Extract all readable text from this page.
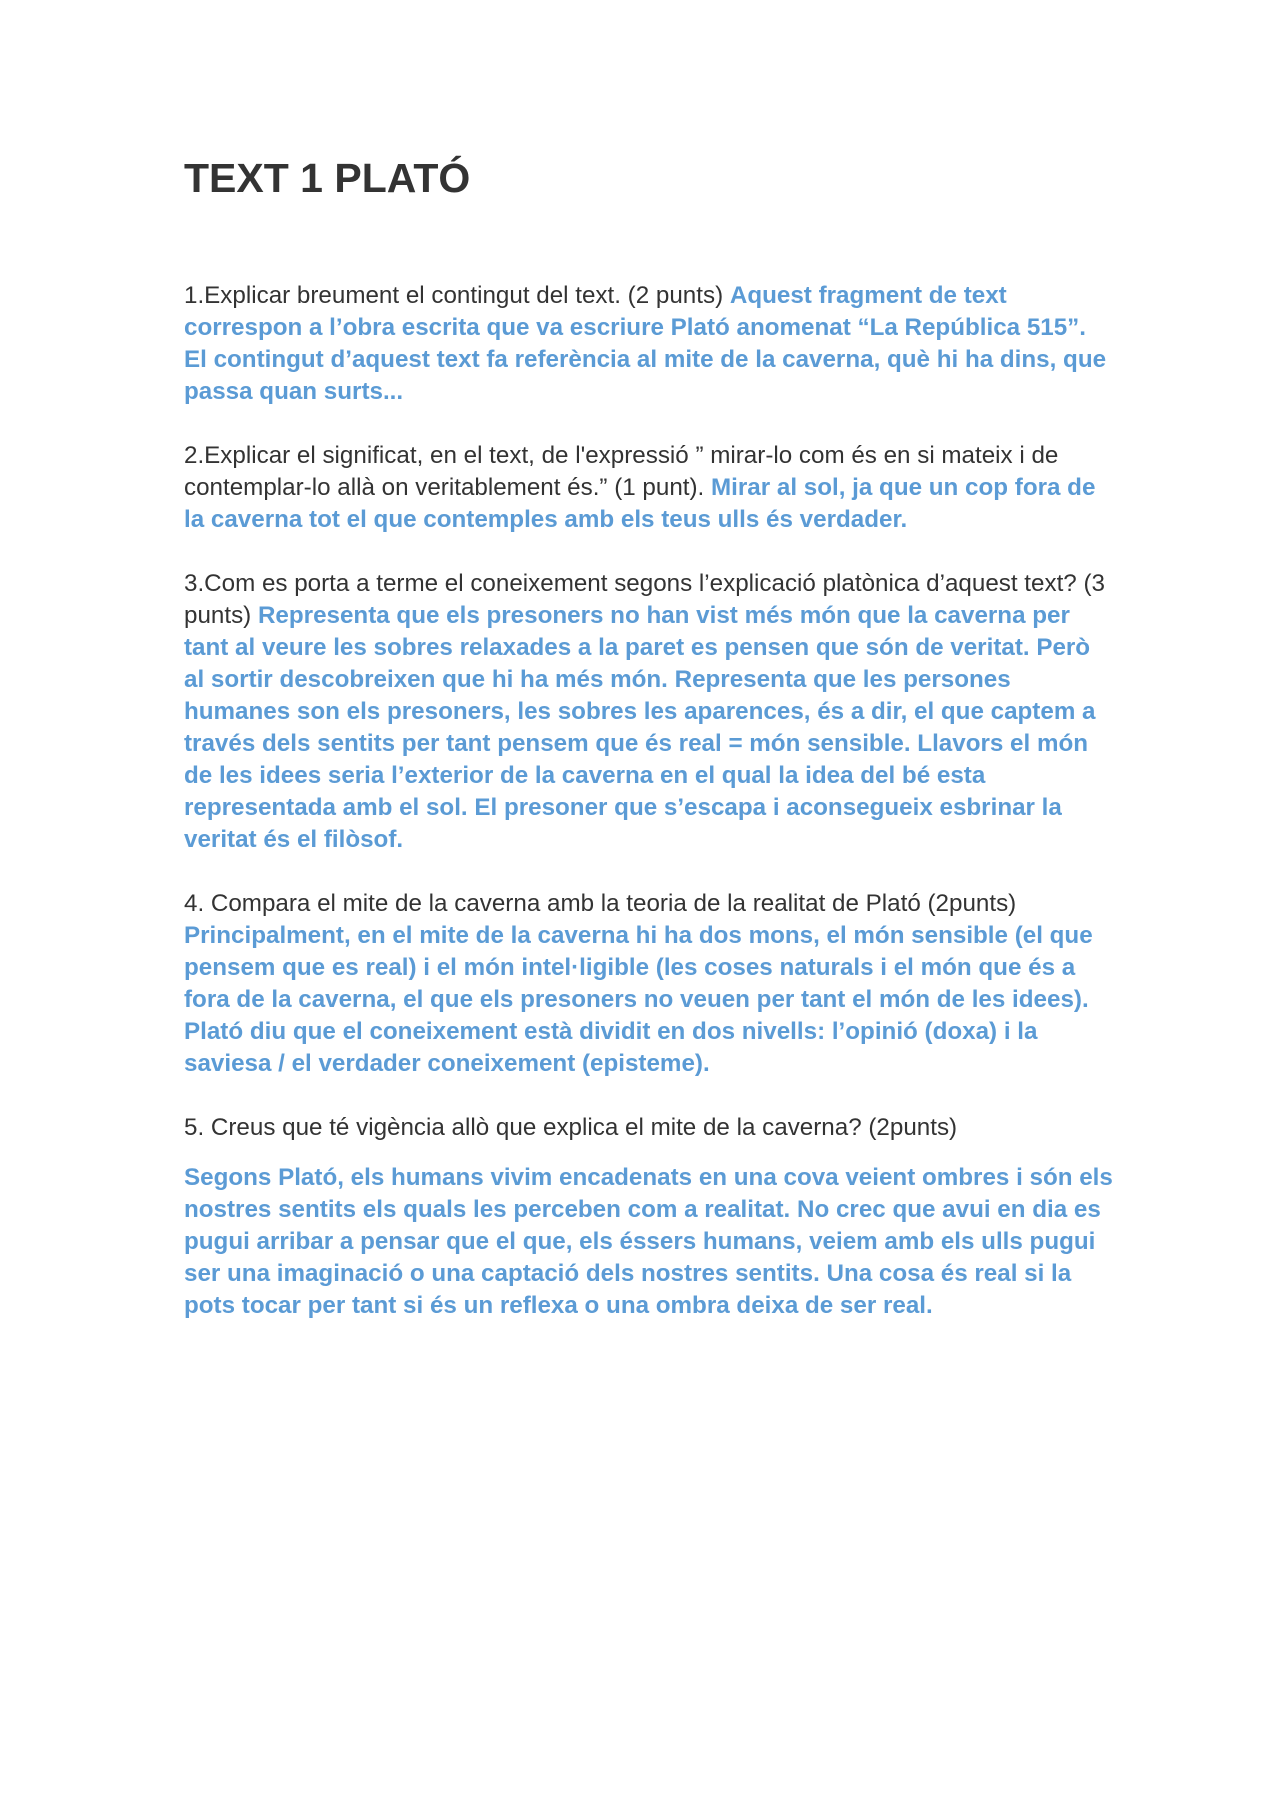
TEXT 1 PLATÓ

1.Explicar breument el contingut del text. (2 punts) Aquest fragment de text correspon a l’obra escrita que va escriure Plató anomenat “La República 515”. El contingut d’aquest text fa referència al mite de la caverna, què hi ha dins, que passa quan surts...

2.Explicar el significat, en el text, de l'expressió ” mirar-lo com és en si mateix i de contemplar-lo allà on veritablement és.” (1 punt). Mirar al sol, ja que un cop fora de la caverna tot el que contemples amb els teus ulls és verdader.

3.Com es porta a terme el coneixement segons l’explicació platònica d’aquest text? (3 punts) Representa que els presoners no han vist més món que la caverna per tant al veure les sobres relaxades a la paret es pensen que són de veritat. Però al sortir descobreixen que hi ha més món. Representa que les persones humanes son els presoners, les sobres les aparences, és a dir, el que captem a través dels sentits per tant pensem que és real = món sensible. Llavors el món de les idees seria l’exterior de la caverna en el qual la idea del bé esta representada amb el sol. El presoner que s’escapa i aconsegueix esbrinar la veritat és el filòsof.

4. Compara el mite de la caverna amb la teoria de la realitat de Plató (2punts) Principalment, en el mite de la caverna hi ha dos mons, el món sensible (el que pensem que es real) i el món intel·ligible (les coses naturals i el món que és a fora de la caverna, el que els presoners no veuen per tant el món de les idees). Plató diu que el coneixement està dividit en dos nivells: l’opinió (doxa) i la saviesa / el verdader coneixement (episteme).

5. Creus que té vigència allò que explica el mite de la caverna? (2punts)

Segons Plató, els humans vivim encadenats en una cova veient ombres i són els nostres sentits els quals les perceben com a realitat. No crec que avui en dia es pugui arribar a pensar que el que, els éssers humans, veiem amb els ulls pugui ser una imaginació o una captació dels nostres sentits. Una cosa és real si la pots tocar per tant si és un reflexa o una ombra deixa de ser real.
